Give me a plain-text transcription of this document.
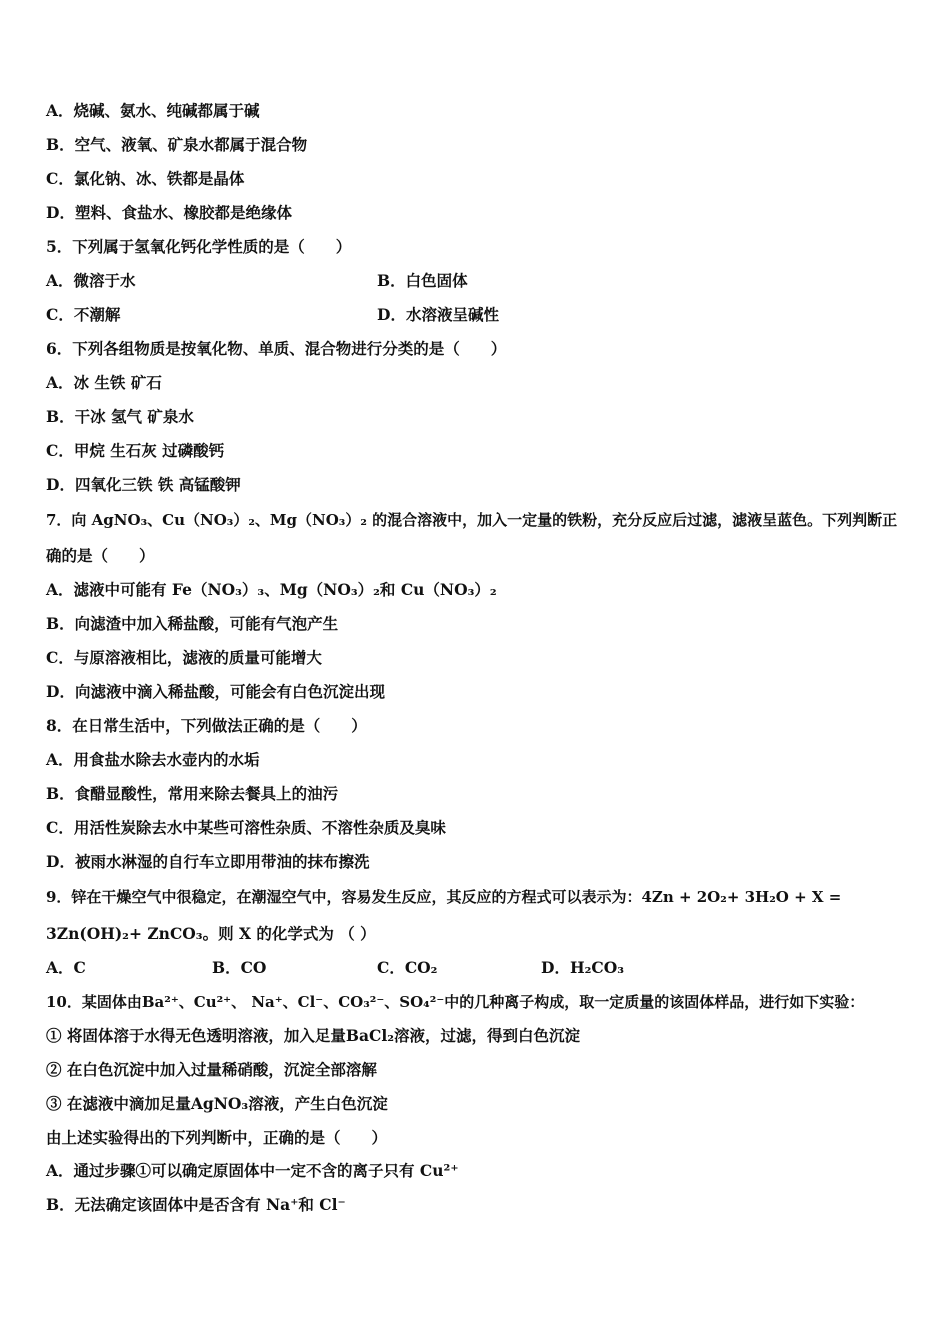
A．烧碱、氨水、纯碱都属于碱
B．空气、液氧、矿泉水都属于混合物
C．氯化钠、冰、铁都是晶体
D．塑料、食盐水、橡胶都是绝缘体
5．下列属于氢氧化钙化学性质的是（　　）
A．微溶于水	B．白色固体
C．不潮解	D．水溶液呈碱性
6．下列各组物质是按氧化物、单质、混合物进行分类的是（　　）
A．冰 生铁 矿石
B．干冰 氢气 矿泉水
C．甲烷 生石灰 过磷酸钙
D．四氧化三铁 铁 高锰酸钾
7．向 AgNO₃、Cu（NO₃）₂、Mg（NO₃）₂ 的混合溶液中，加入一定量的铁粉，充分反应后过滤，滤液呈蓝色。下列判断正
确的是（　　）
A．滤液中可能有 Fe（NO₃）₃、Mg（NO₃）₂和 Cu（NO₃）₂
B．向滤渣中加入稀盐酸，可能有气泡产生
C．与原溶液相比，滤液的质量可能增大
D．向滤液中滴入稀盐酸，可能会有白色沉淀出现
8．在日常生活中，下列做法正确的是（　　）
A．用食盐水除去水壶内的水垢
B．食醋显酸性，常用来除去餐具上的油污
C．用活性炭除去水中某些可溶性杂质、不溶性杂质及臭味
D．被雨水淋湿的自行车立即用带油的抹布擦洗
9．锌在干燥空气中很稳定，在潮湿空气中，容易发生反应，其反应的方程式可以表示为：4Zn + 2O₂+ 3H₂O + X =
3Zn(OH)₂+ ZnCO₃。则 X 的化学式为 （ ）
A．C	B．CO	C．CO₂	D．H₂CO₃
10．某固体由Ba²⁺、Cu²⁺、 Na⁺、Cl⁻、CO₃²⁻、SO₄²⁻中的几种离子构成，取一定质量的该固体样品，进行如下实验：
① 将固体溶于水得无色透明溶液，加入足量BaCl₂溶液，过滤，得到白色沉淀
② 在白色沉淀中加入过量稀硝酸，沉淀全部溶解
③ 在滤液中滴加足量AgNO₃溶液，产生白色沉淀
由上述实验得出的下列判断中，正确的是（　　）
A．通过步骤①可以确定原固体中一定不含的离子只有 Cu²⁺
B．无法确定该固体中是否含有 Na⁺和 Cl⁻
